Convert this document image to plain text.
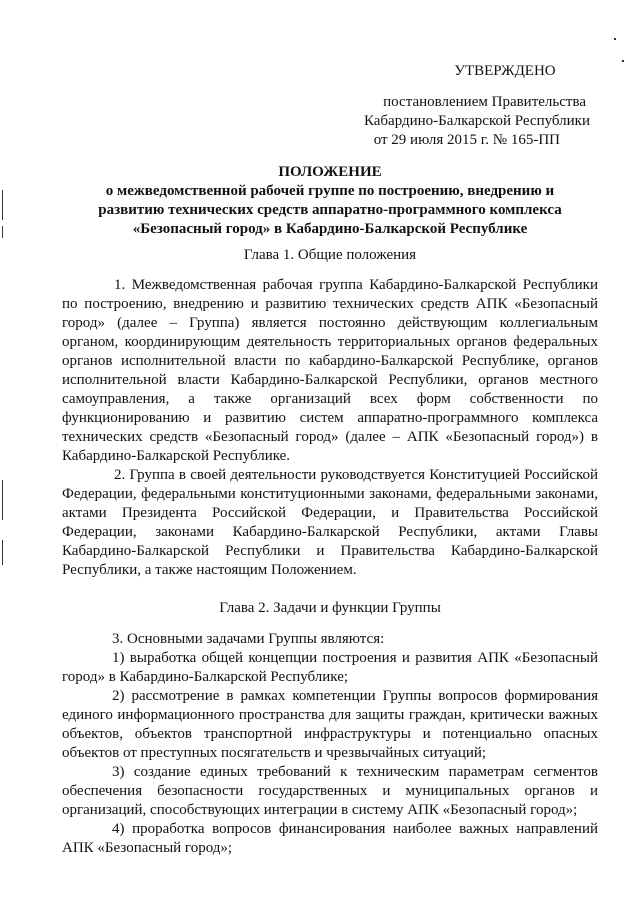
УТВЕРЖДЕНО
постановлением Правительства
Кабардино-Балкарской Республики
от 29 июля 2015 г. № 165-ПП
ПОЛОЖЕНИЕ
о межведомственной рабочей группе по построению, внедрению и
развитию технических средств аппаратно-программного комплекса
«Безопасный город» в Кабардино-Балкарской Республике
Глава 1. Общие положения

1. Межведомственная рабочая группа Кабардино-Балкарской Республики по построению, внедрению и развитию технических средств АПК «Безопасный город» (далее – Группа) является постоянно действующим коллегиальным органом, координирующим деятельность территориальных органов федеральных органов исполнительной власти по кабардино-Балкарской Республике, органов исполнительной власти Кабардино-Балкарской Республики, органов местного самоуправления, а также организаций всех форм собственности по функционированию и развитию систем аппаратно-программного комплекса технических средств «Безопасный город» (далее – АПК «Безопасный город») в Кабардино-Балкарской Республике.

2. Группа в своей деятельности руководствуется Конституцией Российской Федерации, федеральными конституционными законами, федеральными законами, актами Президента Российской Федерации, и Правительства Российской Федерации, законами Кабардино-Балкарской Республики, актами Главы Кабардино-Балкарской Республики и Правительства Кабардино-Балкарской Республики, а также настоящим Положением.

Глава 2. Задачи и функции Группы

3. Основными задачами Группы являются:

1) выработка общей концепции построения и развития АПК «Безопасный город» в Кабардино-Балкарской Республике;

2) рассмотрение в рамках компетенции Группы вопросов формирования единого информационного пространства для защиты граждан, критически важных объектов, объектов транспортной инфраструктуры и потенциально опасных объектов от преступных посягательств и чрезвычайных ситуаций;

3) создание единых требований к техническим параметрам сегментов обеспечения безопасности государственных и муниципальных органов и организаций, способствующих интеграции в систему АПК «Безопасный город»;

4) проработка вопросов финансирования наиболее важных направлений АПК «Безопасный город»;
